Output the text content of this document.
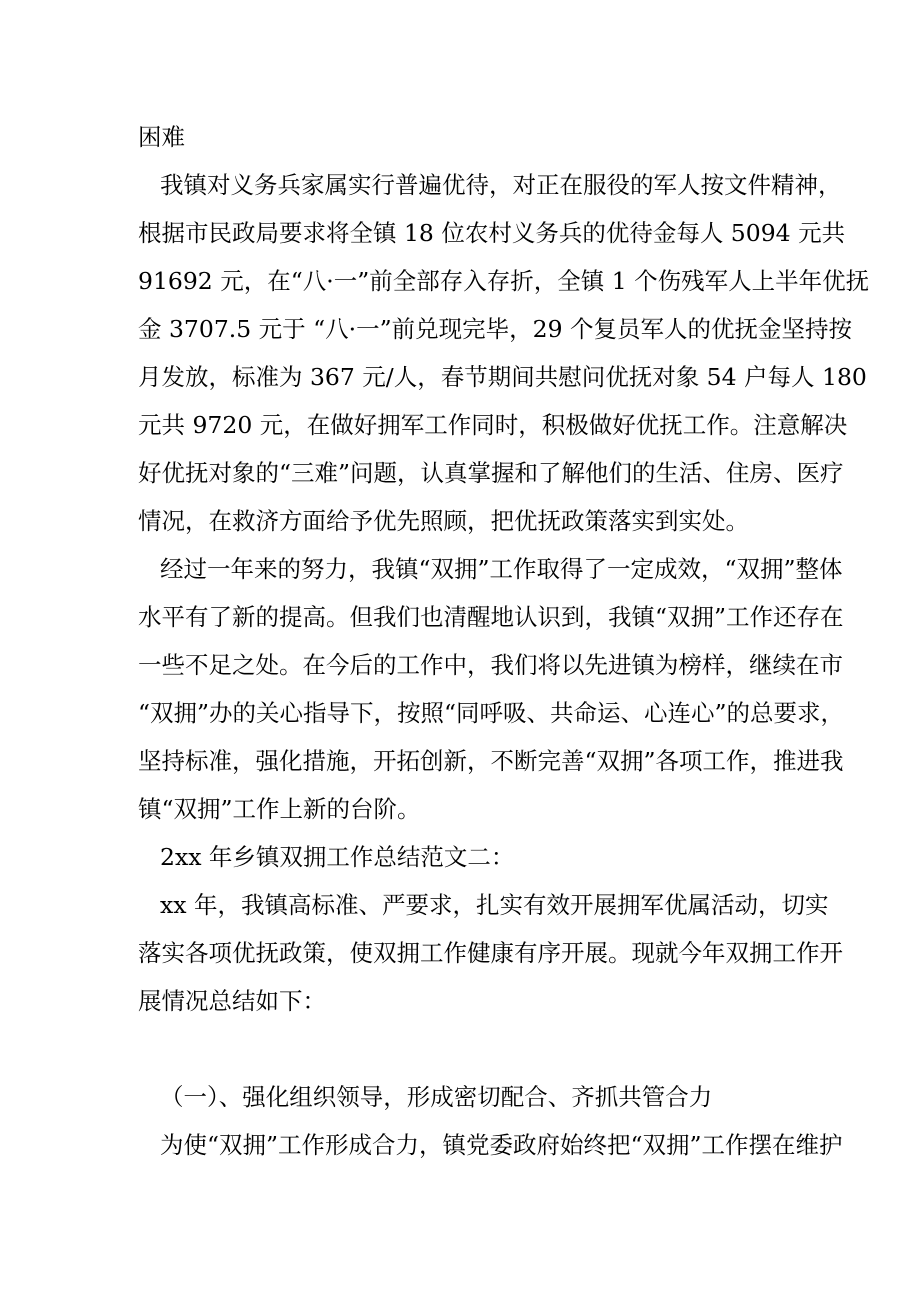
困难

我镇对义务兵家属实行普遍优待，对正在服役的军人按文件精神，

根据市民政局要求将全镇 18 位农村义务兵的优待金每人 5094 元共

91692 元，在“八·一”前全部存入存折，全镇 1 个伤残军人上半年优抚

金 3707.5 元于 “八·一”前兑现完毕，29 个复员军人的优抚金坚持按

月发放，标准为 367 元/人，春节期间共慰问优抚对象 54 户每人 180

元共 9720 元，在做好拥军工作同时，积极做好优抚工作。注意解决

好优抚对象的“三难”问题，认真掌握和了解他们的生活、住房、医疗

情况，在救济方面给予优先照顾，把优抚政策落实到实处。

经过一年来的努力，我镇“双拥”工作取得了一定成效，“双拥”整体

水平有了新的提高。但我们也清醒地认识到，我镇“双拥”工作还存在

一些不足之处。在今后的工作中，我们将以先进镇为榜样，继续在市

“双拥”办的关心指导下，按照“同呼吸、共命运、心连心”的总要求，

坚持标准，强化措施，开拓创新，不断完善“双拥”各项工作，推进我

镇“双拥”工作上新的台阶。

2xx 年乡镇双拥工作总结范文二：

xx 年，我镇高标准、严要求，扎实有效开展拥军优属活动，切实

落实各项优抚政策，使双拥工作健康有序开展。现就今年双拥工作开

展情况总结如下：

（一）、强化组织领导，形成密切配合、齐抓共管合力

为使“双拥”工作形成合力，镇党委政府始终把“双拥”工作摆在维护
